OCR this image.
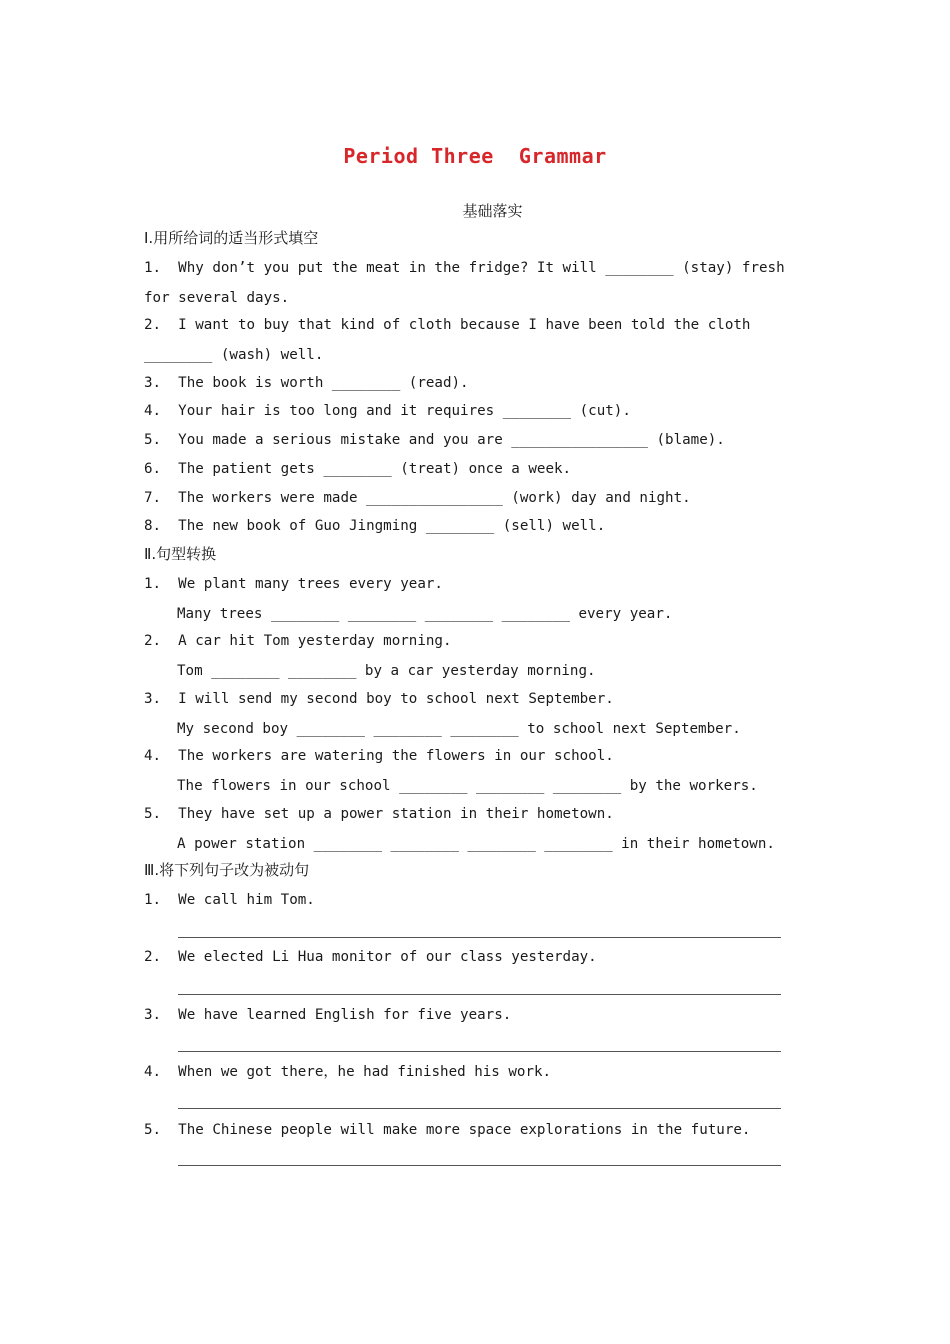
Period Three  Grammar
基础落实
Ⅰ.用所给词的适当形式填空
1.  Why don’t you put the meat in the fridge? It will ________ (stay) fresh
for several days.
2.  I want to buy that kind of cloth because I have been told the cloth
________ (wash) well.
3.  The book is worth ________ (read).
4.  Your hair is too long and it requires ________ (cut).
5.  You made a serious mistake and you are ________________ (blame).
6.  The patient gets ________ (treat) once a week.
7.  The workers were made ________________ (work) day and night.
8.  The new book of Guo Jingming ________ (sell) well.
Ⅱ.句型转换
1.  We plant many trees every year.
Many trees ________ ________ ________ ________ every year.
2.  A car hit Tom yesterday morning.
Tom ________ ________ by a car yesterday morning.
3.  I will send my second boy to school next September.
My second boy ________ ________ ________ to school next September.
4.  The workers are watering the flowers in our school.
The flowers in our school ________ ________ ________ by the workers.
5.  They have set up a power station in their hometown.
A power station ________ ________ ________ ________ in their hometown.
Ⅲ.将下列句子改为被动句
1.  We call him Tom.
2.  We elected Li Hua monitor of our class yesterday.
3.  We have learned English for five years.
4.  When we got there，he had finished his work.
5.  The Chinese people will make more space explorations in the future.
